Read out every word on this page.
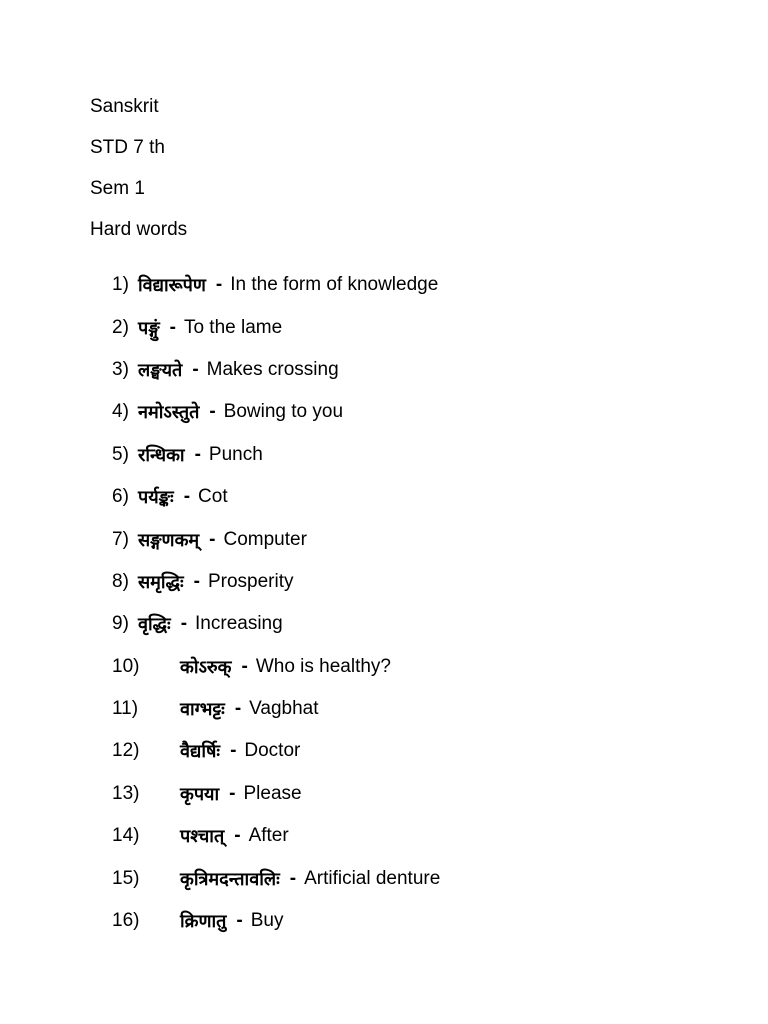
Sanskrit
STD 7 th
Sem 1
Hard words
1) विद्यारूपेण - In the form of knowledge
2) पङ्गुं - To the lame
3) लङ्घयते - Makes crossing
4) नमोऽस्तुते - Bowing to you
5) रन्धिका - Punch
6) पर्यङ्कः - Cot
7) सङ्गणकम् - Computer
8) समृद्धिः - Prosperity
9) वृद्धिः - Increasing
10)	कोऽरुक् - Who is healthy?
11)	वाग्भट्टः - Vagbhat
12)	वैद्यर्षिः - Doctor
13)	कृपया - Please
14)	पश्चात् - After
15)	कृत्रिमदन्तावलिः - Artificial denture
16)	क्रिणातु - Buy
